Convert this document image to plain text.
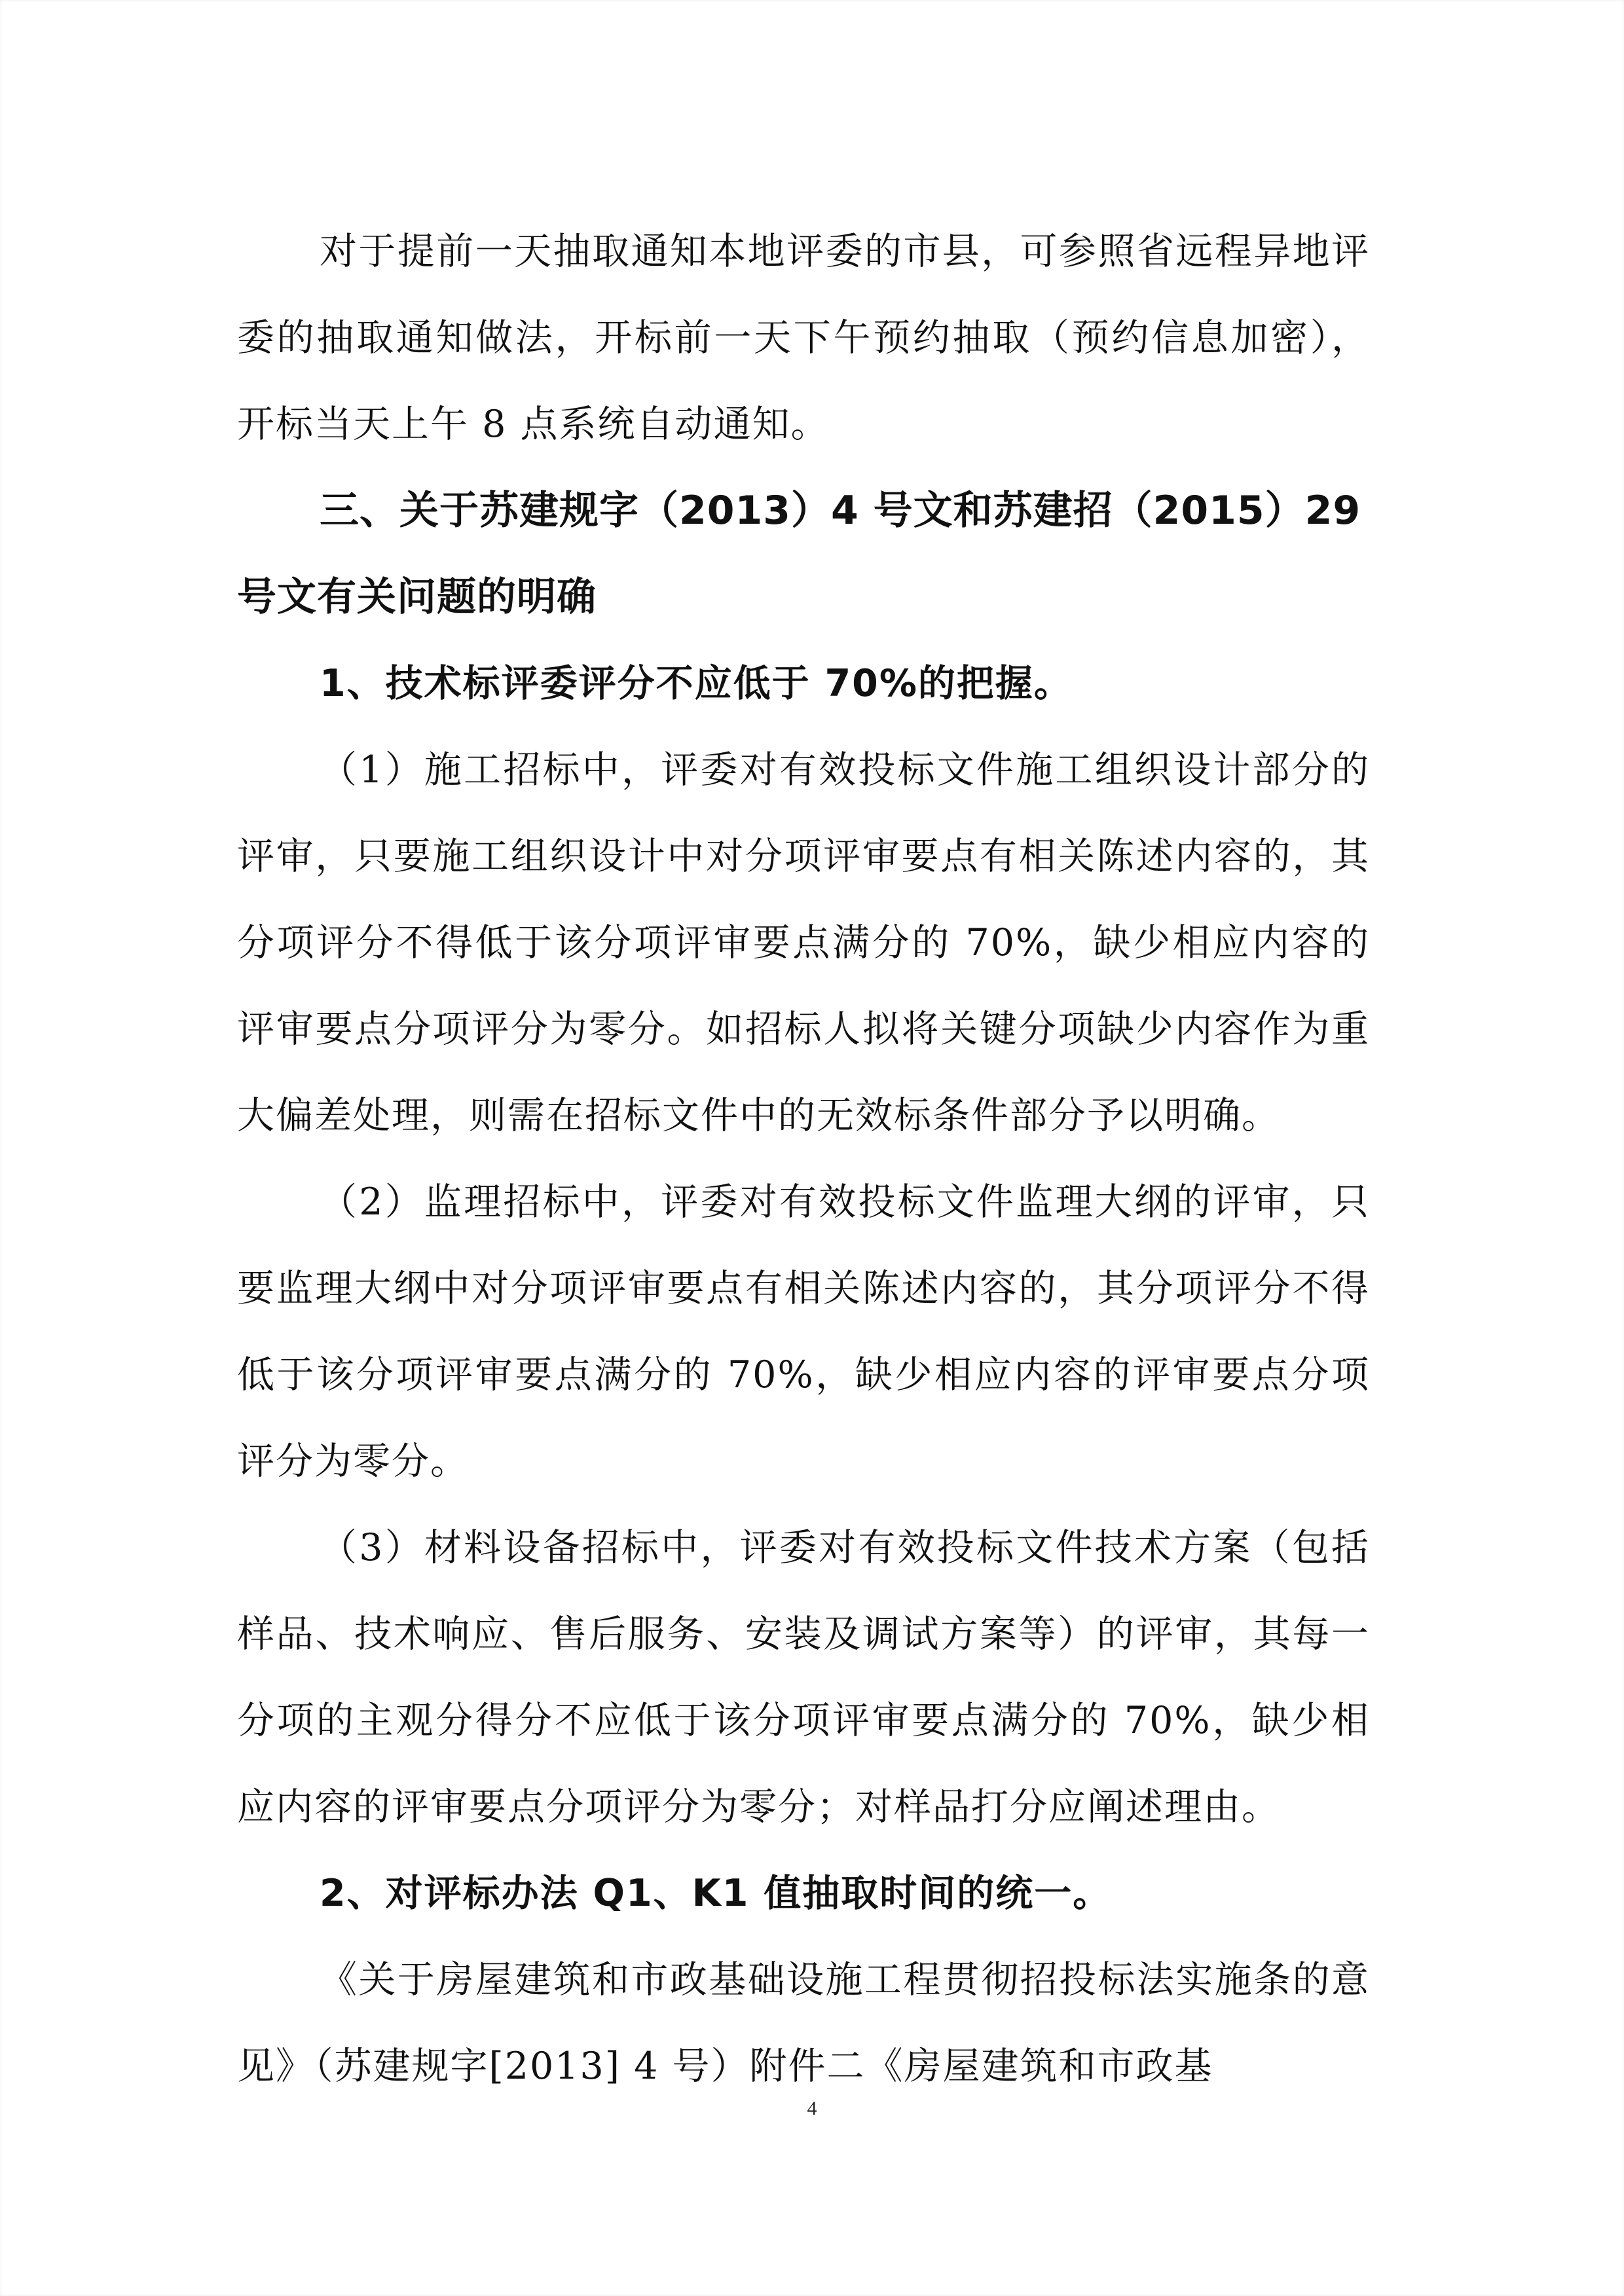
对于提前一天抽取通知本地评委的市县，可参照省远程异地评委的抽取通知做法，开标前一天下午预约抽取（预约信息加密），开标当天上午 8 点系统自动通知。

三、关于苏建规字（2013）4 号文和苏建招（2015）29 号文有关问题的明确

1、技术标评委评分不应低于 70%的把握。

（1）施工招标中，评委对有效投标文件施工组织设计部分的评审，只要施工组织设计中对分项评审要点有相关陈述内容的，其分项评分不得低于该分项评审要点满分的 70%，缺少相应内容的评审要点分项评分为零分。如招标人拟将关键分项缺少内容作为重大偏差处理，则需在招标文件中的无效标条件部分予以明确。

（2）监理招标中，评委对有效投标文件监理大纲的评审，只要监理大纲中对分项评审要点有相关陈述内容的，其分项评分不得低于该分项评审要点满分的 70%，缺少相应内容的评审要点分项评分为零分。

（3）材料设备招标中，评委对有效投标文件技术方案（包括样品、技术响应、售后服务、安装及调试方案等）的评审，其每一分项的主观分得分不应低于该分项评审要点满分的 70%，缺少相应内容的评审要点分项评分为零分；对样品打分应阐述理由。

2、对评标办法 Q1、K1 值抽取时间的统一。

《关于房屋建筑和市政基础设施工程贯彻招投标法实施条的意见》（苏建规字[2013] 4 号）附件二《房屋建筑和市政基

4
